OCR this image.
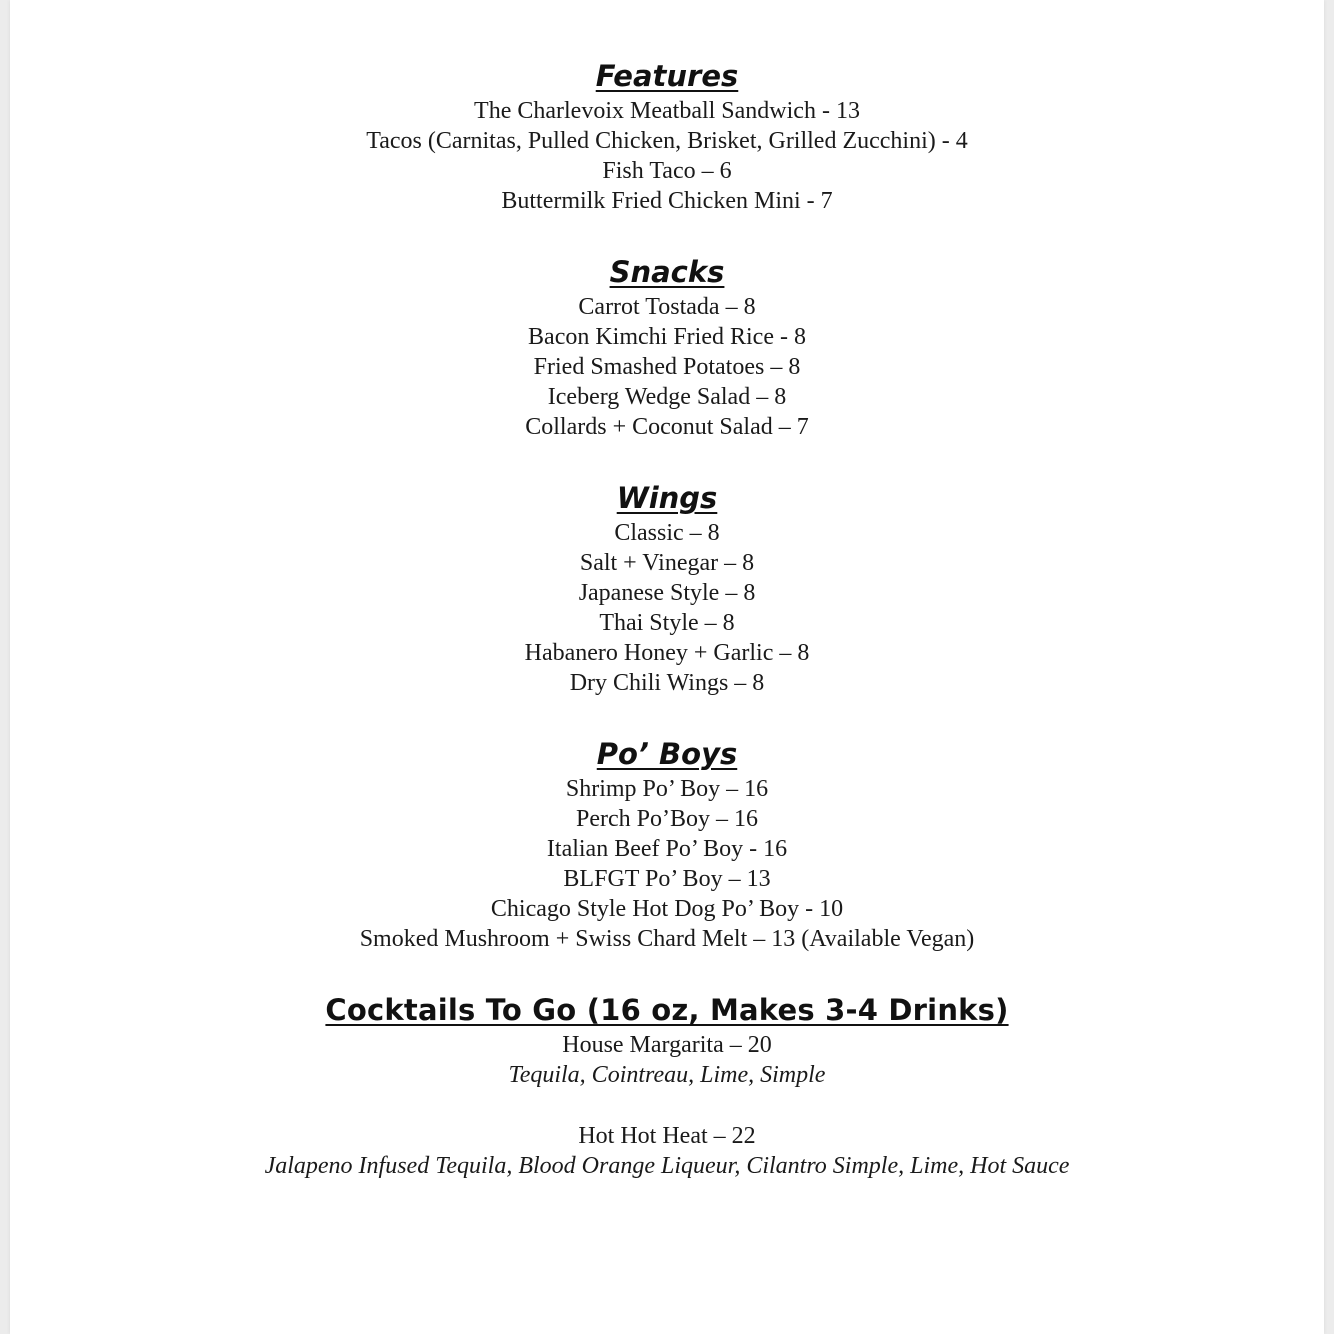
Features
The Charlevoix Meatball Sandwich - 13
Tacos (Carnitas, Pulled Chicken, Brisket, Grilled Zucchini) - 4
Fish Taco – 6
Buttermilk Fried Chicken Mini - 7
Snacks
Carrot Tostada – 8
Bacon Kimchi Fried Rice - 8
Fried Smashed Potatoes – 8
Iceberg Wedge Salad – 8
Collards + Coconut Salad – 7
Wings
Classic – 8
Salt + Vinegar – 8
Japanese Style – 8
Thai Style – 8
Habanero Honey + Garlic – 8
Dry Chili Wings – 8
Po’ Boys
Shrimp Po’ Boy – 16
Perch Po’Boy – 16
Italian Beef Po’ Boy - 16
BLFGT Po’ Boy – 13
Chicago Style Hot Dog Po’ Boy - 10
Smoked Mushroom + Swiss Chard Melt – 13 (Available Vegan)
Cocktails To Go (16 oz, Makes 3-4 Drinks)
House Margarita – 20
Tequila, Cointreau, Lime, Simple
Hot Hot Heat – 22
Jalapeno Infused Tequila, Blood Orange Liqueur, Cilantro Simple, Lime, Hot Sauce
